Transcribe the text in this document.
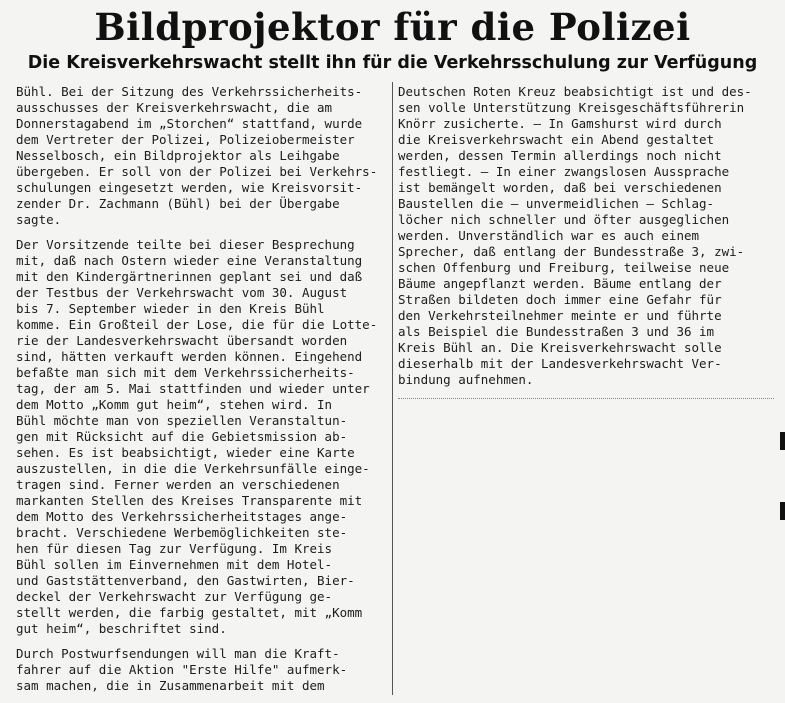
Bildprojektor für die Polizei
Die Kreisverkehrswacht stellt ihn für die Verkehrsschulung zur Verfügung
Bühl. Bei der Sitzung des Verkehrssicherheits-
ausschusses der Kreisverkehrswacht, die am
Donnerstagabend im „Storchen“ stattfand, wurde
dem Vertreter der Polizei, Polizeiobermeister
Nesselbosch, ein Bildprojektor als Leihgabe
übergeben. Er soll von der Polizei bei Verkehrs-
schulungen eingesetzt werden, wie Kreisvorsit-
zender Dr. Zachmann (Bühl) bei der Übergabe
sagte.
Der Vorsitzende teilte bei dieser Besprechung
mit, daß nach Ostern wieder eine Veranstaltung
mit den Kindergärtnerinnen geplant sei und daß
der Testbus der Verkehrswacht vom 30. August
bis 7. September wieder in den Kreis Bühl
komme. Ein Großteil der Lose, die für die Lotte-
rie der Landesverkehrswacht übersandt worden
sind, hätten verkauft werden können. Eingehend
befaßte man sich mit dem Verkehrssicherheits-
tag, der am 5. Mai stattfinden und wieder unter
dem Motto „Komm gut heim“, stehen wird. In
Bühl möchte man von speziellen Veranstaltun-
gen mit Rücksicht auf die Gebietsmission ab-
sehen. Es ist beabsichtigt, wieder eine Karte
auszustellen, in die die Verkehrsunfälle einge-
tragen sind. Ferner werden an verschiedenen
markanten Stellen des Kreises Transparente mit
dem Motto des Verkehrssicherheitstages ange-
bracht. Verschiedene Werbemöglichkeiten ste-
hen für diesen Tag zur Verfügung. Im Kreis
Bühl sollen im Einvernehmen mit dem Hotel-
und Gaststättenverband, den Gastwirten, Bier-
deckel der Verkehrswacht zur Verfügung ge-
stellt werden, die farbig gestaltet, mit „Komm
gut heim“, beschriftet sind.
Durch Postwurfsendungen will man die Kraft-
fahrer auf die Aktion "Erste Hilfe" aufmerk-
sam machen, die in Zusammenarbeit mit dem
Deutschen Roten Kreuz beabsichtigt ist und des-
sen volle Unterstützung Kreisgeschäftsführerin
Knörr zusicherte. — In Gamshurst wird durch
die Kreisverkehrswacht ein Abend gestaltet
werden, dessen Termin allerdings noch nicht
festliegt. — In einer zwangslosen Aussprache
ist bemängelt worden, daß bei verschiedenen
Baustellen die — unvermeidlichen — Schlag-
löcher nich schneller und öfter ausgeglichen
werden. Unverständlich war es auch einem
Sprecher, daß entlang der Bundesstraße 3, zwi-
schen Offenburg und Freiburg, teilweise neue
Bäume angepflanzt werden. Bäume entlang der
Straßen bildeten doch immer eine Gefahr für
den Verkehrsteilnehmer meinte er und führte
als Beispiel die Bundesstraßen 3 und 36 im
Kreis Bühl an. Die Kreisverkehrswacht solle
dieserhalb mit der Landesverkehrswacht Ver-
bindung aufnehmen.
